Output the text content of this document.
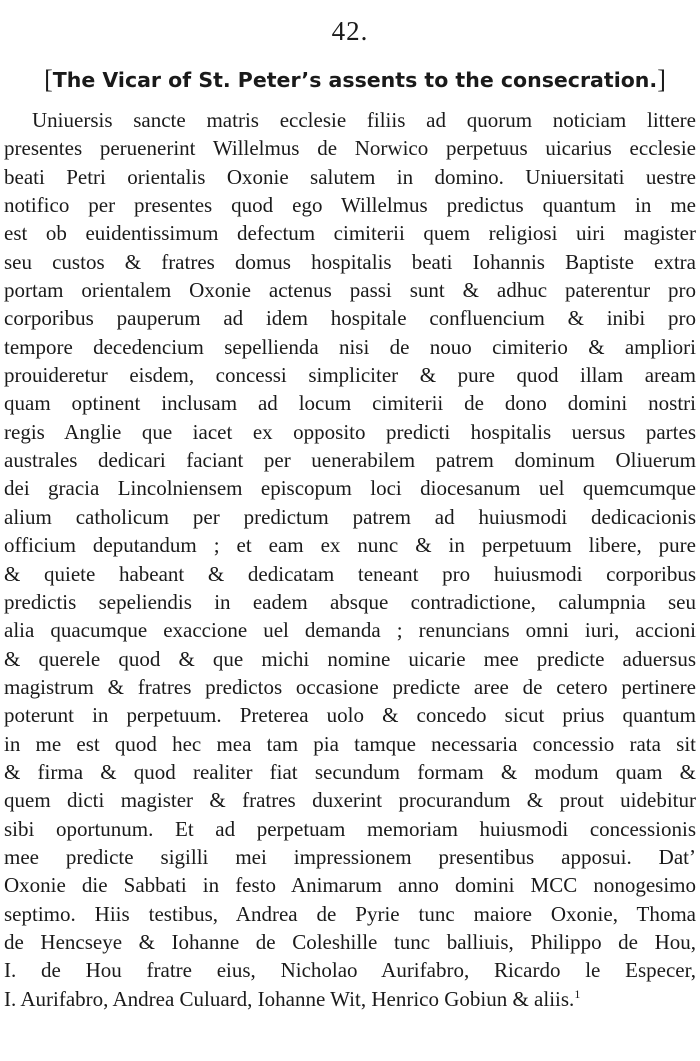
42.
[The Vicar of St. Peter’s assents to the consecration.]
Uniuersis sancte matris ecclesie filiis ad quorum noticiam littere
presentes peruenerint Willelmus de Norwico perpetuus uicarius ecclesie
beati Petri orientalis Oxonie salutem in domino. Uniuersitati uestre
notifico per presentes quod ego Willelmus predictus quantum in me
est ob euidentissimum defectum cimiterii quem religiosi uiri magister
seu custos & fratres domus hospitalis beati Iohannis Baptiste extra
portam orientalem Oxonie actenus passi sunt & adhuc paterentur pro
corporibus pauperum ad idem hospitale confluencium & inibi pro
tempore decedencium sepellienda nisi de nouo cimiterio & ampliori
prouideretur eisdem, concessi simpliciter & pure quod illam aream
quam optinent inclusam ad locum cimiterii de dono domini nostri
regis Anglie que iacet ex opposito predicti hospitalis uersus partes
australes dedicari faciant per uenerabilem patrem dominum Oliuerum
dei gracia Lincolniensem episcopum loci diocesanum uel quemcumque
alium catholicum per predictum patrem ad huiusmodi dedicacionis
officium deputandum ; et eam ex nunc & in perpetuum libere, pure
& quiete habeant & dedicatam teneant pro huiusmodi corporibus
predictis sepeliendis in eadem absque contradictione, calumpnia seu
alia quacumque exaccione uel demanda ; renuncians omni iuri, accioni
& querele quod & que michi nomine uicarie mee predicte aduersus
magistrum & fratres predictos occasione predicte aree de cetero pertinere
poterunt in perpetuum. Preterea uolo & concedo sicut prius quantum
in me est quod hec mea tam pia tamque necessaria concessio rata sit
& firma & quod realiter fiat secundum formam & modum quam &
quem dicti magister & fratres duxerint procurandum & prout uidebitur
sibi oportunum. Et ad perpetuam memoriam huiusmodi concessionis
mee predicte sigilli mei impressionem presentibus apposui. Dat’
Oxonie die Sabbati in festo Animarum anno domini MCC nonogesimo
septimo. Hiis testibus, Andrea de Pyrie tunc maiore Oxonie, Thoma
de Hencseye & Iohanne de Coleshille tunc balliuis, Philippo de Hou,
I. de Hou fratre eius, Nicholao Aurifabro, Ricardo le Especer,
I. Aurifabro, Andrea Culuard, Iohanne Wit, Henrico Gobiun & aliis.$^1$
